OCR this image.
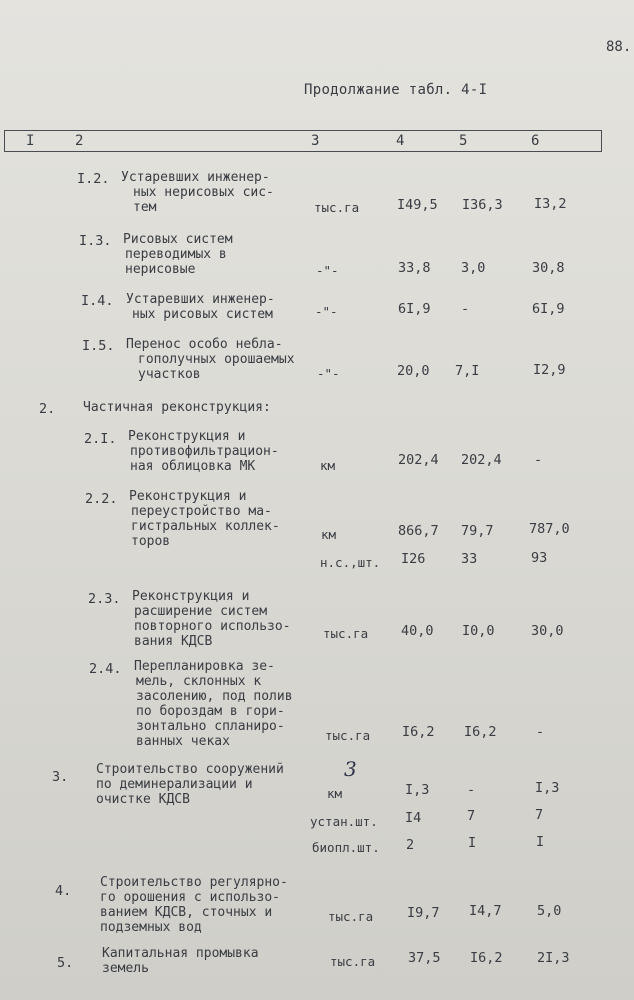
88.
Продолжание табл. 4-I
I	2	3	4	5	6
I.2. Устаревших инженер-
ных нерисовых сис-
тем	тыс.га	I49,5 I36,3 I3,2
I.3. Рисовых систем
переводимых в
нерисовые	-"-	33,8 3,0	30,8
I.4. Устаревших инженер-
ных рисовых систем	-"-	6I,9 -	6I,9
I.5. Перенос особо небла-
гополучных орошаемых
участков	-"-	20,0 7,I	I2,9
2. Частичная реконструкция:
2.I. Реконструкция и
противофильтрацион-
ная облицовка МК	км	202,4 202,4 -
2.2. Реконструкция и
переустройство ма-
гистральных коллек-
торов	км	866,7 79,7	787,0
н.с.,шт. I26	33	93
2.3. Реконструкция и
расширение систем
повторного использо-
вания КДСВ
тыс.га 40,0 I0,0	30,0
2.4. Перепланировка зе-
мель, склонных к
засолению, под полив
по бороздам в гори-
зонтально спланиро-
ванных чеках	тыс.га I6,2 I6,2	-
3. Строительство сооружений
по деминерализации и
очистке КДСВ
3
км	I,3	-	I,3
устан.шт. I4	7	7
биопл.шт. 2	I	I
4.
Строительство регулярно-
го орошения с использо-
ванием КДСВ, сточных и
подземных вод
тыс.га	I9,7 I4,7	5,0
5.
Капитальная промывка
земель	тыс.га 37,5 I6,2	2I,3
